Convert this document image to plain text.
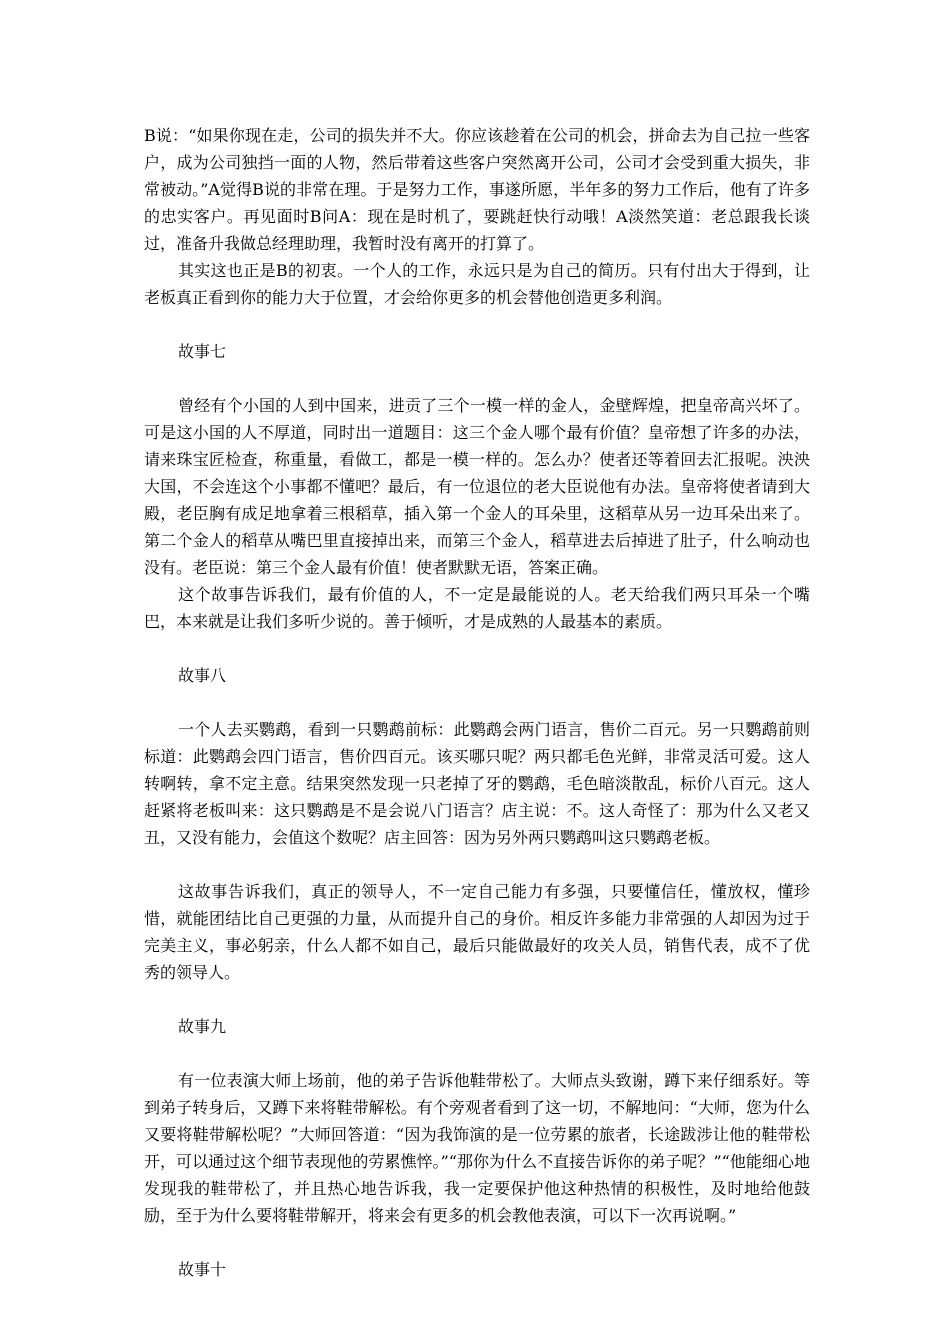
B说：“如果你现在走，公司的损失并不大。你应该趁着在公司的机会，拼命去为自己拉一些客户，成为公司独挡一面的人物，然后带着这些客户突然离开公司，公司才会受到重大损失，非常被动。”A觉得B说的非常在理。于是努力工作，事遂所愿，半年多的努力工作后，他有了许多的忠实客户。再见面时B问A：现在是时机了，要跳赶快行动哦！A淡然笑道：老总跟我长谈过，准备升我做总经理助理，我暂时没有离开的打算了。

其实这也正是B的初衷。一个人的工作，永远只是为自己的简历。只有付出大于得到，让老板真正看到你的能力大于位置，才会给你更多的机会替他创造更多利润。

故事七

曾经有个小国的人到中国来，进贡了三个一模一样的金人，金壁辉煌，把皇帝高兴坏了。可是这小国的人不厚道，同时出一道题目：这三个金人哪个最有价值？皇帝想了许多的办法，请来珠宝匠检查，称重量，看做工，都是一模一样的。怎么办？使者还等着回去汇报呢。泱泱大国，不会连这个小事都不懂吧？最后，有一位退位的老大臣说他有办法。皇帝将使者请到大殿，老臣胸有成足地拿着三根稻草，插入第一个金人的耳朵里，这稻草从另一边耳朵出来了。第二个金人的稻草从嘴巴里直接掉出来，而第三个金人，稻草进去后掉进了肚子，什么响动也没有。老臣说：第三个金人最有价值！使者默默无语，答案正确。

这个故事告诉我们，最有价值的人，不一定是最能说的人。老天给我们两只耳朵一个嘴巴，本来就是让我们多听少说的。善于倾听，才是成熟的人最基本的素质。

故事八

一个人去买鹦鹉，看到一只鹦鹉前标：此鹦鹉会两门语言，售价二百元。另一只鹦鹉前则标道：此鹦鹉会四门语言，售价四百元。该买哪只呢？两只都毛色光鲜，非常灵活可爱。这人转啊转，拿不定主意。结果突然发现一只老掉了牙的鹦鹉，毛色暗淡散乱，标价八百元。这人赶紧将老板叫来：这只鹦鹉是不是会说八门语言？店主说：不。这人奇怪了：那为什么又老又丑，又没有能力，会值这个数呢？店主回答：因为另外两只鹦鹉叫这只鹦鹉老板。

这故事告诉我们，真正的领导人，不一定自己能力有多强，只要懂信任，懂放权，懂珍惜，就能团结比自己更强的力量，从而提升自己的身价。相反许多能力非常强的人却因为过于完美主义，事必躬亲，什么人都不如自己，最后只能做最好的攻关人员，销售代表，成不了优秀的领导人。

故事九

有一位表演大师上场前，他的弟子告诉他鞋带松了。大师点头致谢，蹲下来仔细系好。等到弟子转身后，又蹲下来将鞋带解松。有个旁观者看到了这一切，不解地问：“大师，您为什么又要将鞋带解松呢？”大师回答道：“因为我饰演的是一位劳累的旅者，长途跋涉让他的鞋带松开，可以通过这个细节表现他的劳累憔悴。”“那你为什么不直接告诉你的弟子呢？”“他能细心地发现我的鞋带松了，并且热心地告诉我，我一定要保护他这种热情的积极性，及时地给他鼓励，至于为什么要将鞋带解开，将来会有更多的机会教他表演，可以下一次再说啊。”

故事十
